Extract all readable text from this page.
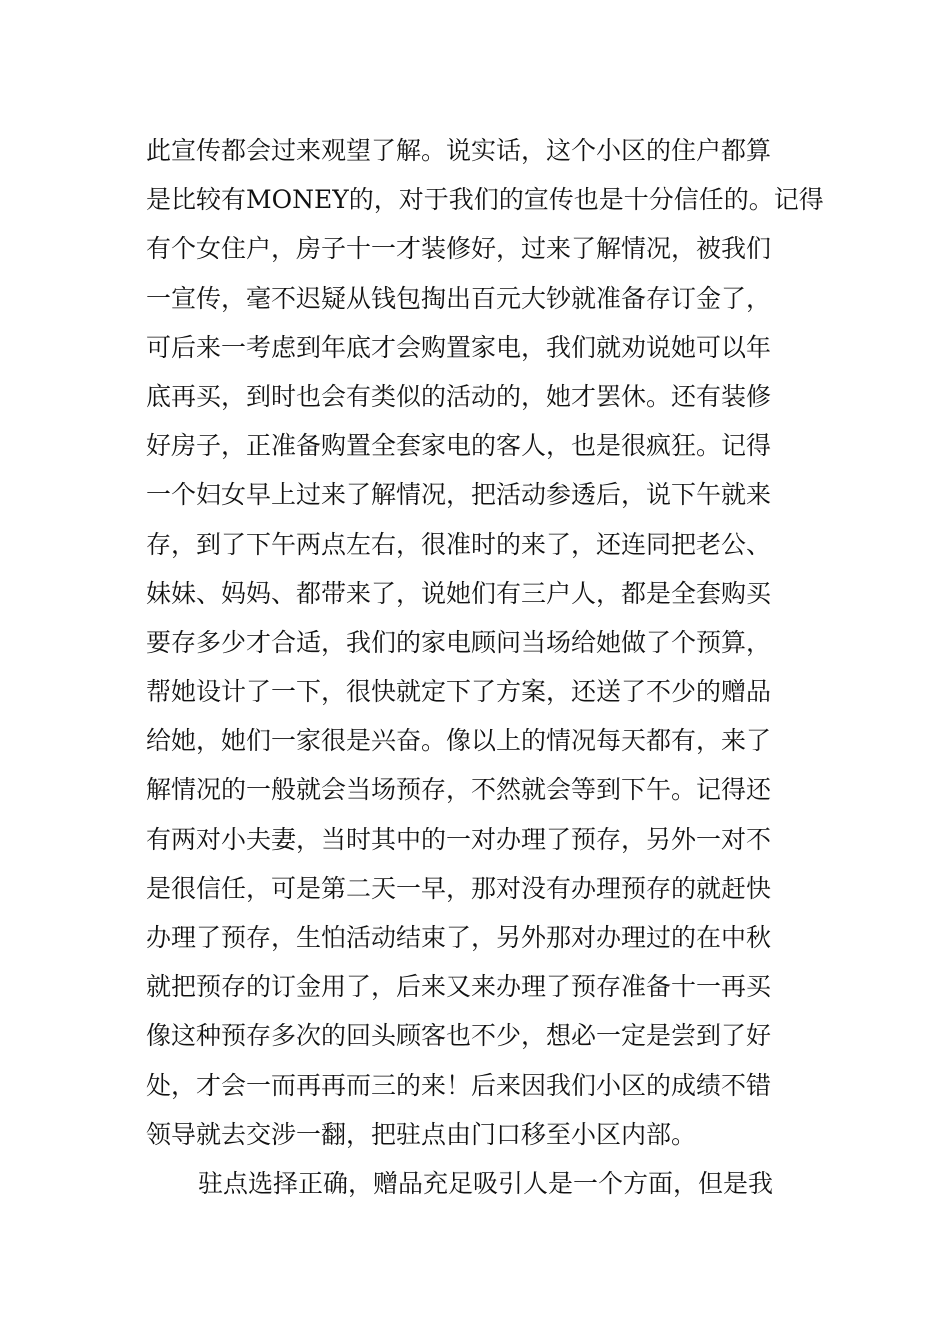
此宣传都会过来观望了解。说实话，这个小区的住户都算
是比较有MONEY的，对于我们的宣传也是十分信任的。记得
有个女住户，房子十一才装修好，过来了解情况，被我们
一宣传，毫不迟疑从钱包掏出百元大钞就准备存订金了，
可后来一考虑到年底才会购置家电，我们就劝说她可以年
底再买，到时也会有类似的活动的，她才罢休。还有装修
好房子，正准备购置全套家电的客人，也是很疯狂。记得
一个妇女早上过来了解情况，把活动参透后，说下午就来
存，到了下午两点左右，很准时的来了，还连同把老公、
妹妹、妈妈、都带来了，说她们有三户人，都是全套购买
要存多少才合适，我们的家电顾问当场给她做了个预算，
帮她设计了一下，很快就定下了方案，还送了不少的赠品
给她，她们一家很是兴奋。像以上的情况每天都有，来了
解情况的一般就会当场预存，不然就会等到下午。记得还
有两对小夫妻，当时其中的一对办理了预存，另外一对不
是很信任，可是第二天一早，那对没有办理预存的就赶快
办理了预存，生怕活动结束了，另外那对办理过的在中秋
就把预存的订金用了，后来又来办理了预存准备十一再买
像这种预存多次的回头顾客也不少，想必一定是尝到了好
处，才会一而再再而三的来！后来因我们小区的成绩不错
领导就去交涉一翻，把驻点由门口移至小区内部。
驻点选择正确，赠品充足吸引人是一个方面，但是我
